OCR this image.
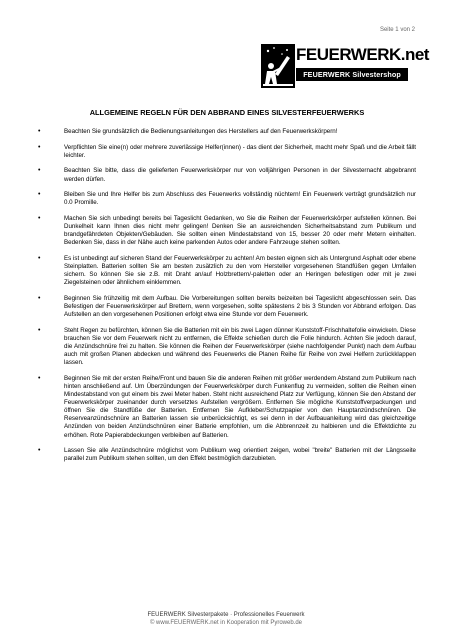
Seite 1 von 2
FEUERWERK.net
FEUERWERK Silvestershop
ALLGEMEINE REGELN FÜR DEN ABBRAND EINES SILVESTERFEUERWERKS
•	Beachten Sie grundsätzlich die Bedienungsanleitungen des Herstellers auf den Feuerwerkskörpern!
•	Verpflichten Sie eine(n) oder mehrere zuverlässige Helfer(innen) - das dient der Sicherheit, macht mehr Spaß und die Arbeit fällt leichter.
•	Beachten Sie bitte, dass die gelieferten Feuerwerkskörper nur von volljährigen Personen in der Silvesternacht abgebrannt werden dürfen.
•	Bleiben Sie und Ihre Helfer bis zum Abschluss des Feuerwerks vollständig nüchtern! Ein Feuerwerk verträgt grundsätzlich nur 0.0 Promille.
•	Machen Sie sich unbedingt bereits bei Tageslicht Gedanken, wo Sie die Reihen der Feuerwerkskörper aufstellen können. Bei Dunkelheit kann Ihnen dies nicht mehr gelingen! Denken Sie an ausreichenden Sicherheitsabstand zum Publikum und brandgefährdeten Objekten/Gebäuden. Sie sollten einen Mindestabstand von 15, besser 20 oder mehr Metern einhalten. Bedenken Sie, dass in der Nähe auch keine parkenden Autos oder andere Fahrzeuge stehen sollten.
•	Es ist unbedingt auf sicheren Stand der Feuerwerkskörper zu achten! Am besten eignen sich als Untergrund Asphalt oder ebene Steinplatten. Batterien sollten Sie am besten zusätzlich zu den vom Hersteller vorgesehenen Standfüßen gegen Umfallen sichern. So können Sie sie z.B. mit Draht an/auf Holzbrettern/-paletten oder an Heringen befestigen oder mit je zwei Ziegelsteinen oder ähnlichem einklemmen.
•	Beginnen Sie frühzeitig mit dem Aufbau. Die Vorbereitungen sollten bereits beizeiten bei Tageslicht abgeschlossen sein. Das Befestigen der Feuerwerkskörper auf Brettern, wenn vorgesehen, sollte spätestens 2 bis 3 Stunden vor Abbrand erfolgen. Das Aufstellen an den vorgesehenen Positionen erfolgt etwa eine Stunde vor dem Feuerwerk.
•	Steht Regen zu befürchten, können Sie die Batterien mit ein bis zwei Lagen dünner Kunststoff-Frischhaltefolie einwickeln. Diese brauchen Sie vor dem Feuerwerk nicht zu entfernen, die Effekte schießen durch die Folie hindurch. Achten Sie jedoch darauf, die Anzündschnüre frei zu halten. Sie können die Reihen der Feuerwerkskörper (siehe nachfolgender Punkt) nach dem Aufbau auch mit großen Planen abdecken und während des Feuerwerks die Planen Reihe für Reihe von zwei Helfern zurückklappen lassen.
•	Beginnen Sie mit der ersten Reihe/Front und bauen Sie die anderen Reihen mit größer werdendem Abstand zum Publikum nach hinten anschließend auf. Um Überzündungen der Feuerwerkskörper durch Funkenflug zu vermeiden, sollten die Reihen einen Mindestabstand von gut einem bis zwei Meter haben. Steht nicht ausreichend Platz zur Verfügung, können Sie den Abstand der Feuerwerkskörper zueinander durch versetztes Aufstellen vergrößern. Entfernen Sie mögliche Kunststoffverpackungen und öffnen Sie die Standfüße der Batterien. Entfernen Sie Aufkleber/Schutzpapier von den Hauptanzündschnüren. Die Reserveanzündschnüre an Batterien lassen sie unberücksichtigt, es sei denn in der Aufbauanleitung wird das gleichzeitige Anzünden von beiden Anzündschnüren einer Batterie empfohlen, um die Abbrennzeit zu halbieren und die Effektdichte zu erhöhen. Rote Papierabdeckungen verbleiben auf Batterien.
•	Lassen Sie alle Anzündschnüre möglichst vom Publikum weg orientiert zeigen, wobei "breite" Batterien mit der Längsseite parallel zum Publikum stehen sollten, um den Effekt bestmöglich darzubieten.
FEUERWERK Silvesterpakete · Professionelles Feuerwerk
© www.FEUERWERK.net in Kooperation mit Pyroweb.de
